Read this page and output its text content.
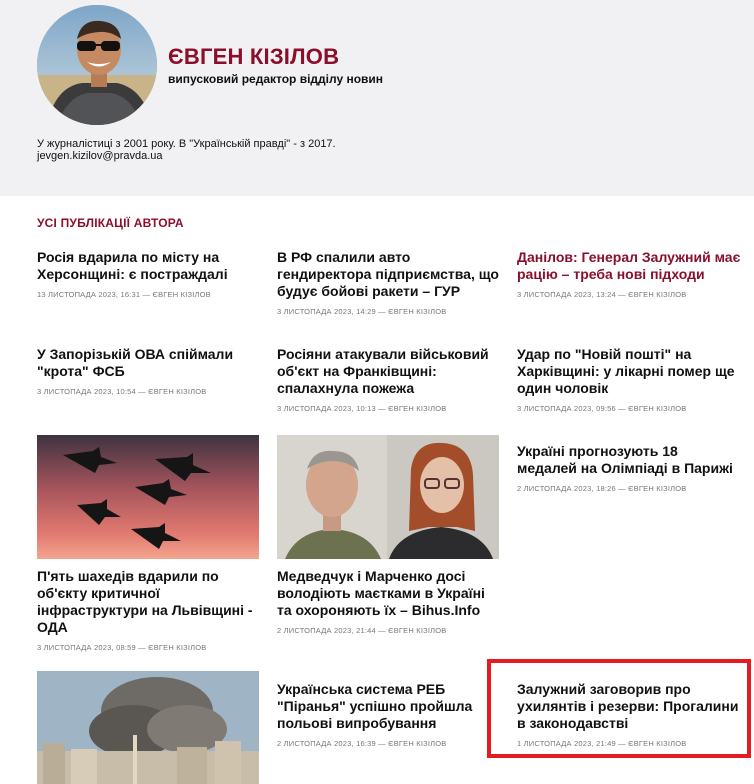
ЄВГЕН КІЗІЛОВ
випусковий редактор відділу новин
У журналістиці з 2001 року. В "Українській правді" - з 2017.
jevgen.kizilov@pravda.ua
УСІ ПУБЛІКАЦІЇ АВТОРА
Росія вдарила по місту на Херсонщині: є постраждалі
13 ЛИСТОПАДА 2023, 16:31 — ЄВГЕН КІЗІЛОВ
В РФ спалили авто гендиректора підприємства, що будує бойові ракети – ГУР
3 ЛИСТОПАДА 2023, 14:29 — ЄВГЕН КІЗІЛОВ
Данілов: Генерал Залужний має рацію – треба нові підходи
3 ЛИСТОПАДА 2023, 13:24 — ЄВГЕН КІЗІЛОВ
У Запорізькій ОВА спіймали "крота" ФСБ
3 ЛИСТОПАДА 2023, 10:54 — ЄВГЕН КІЗІЛОВ
Росіяни атакували військовий об'єкт на Франківщині: спалахнула пожежа
3 ЛИСТОПАДА 2023, 10:13 — ЄВГЕН КІЗІЛОВ
Удар по "Новій пошті" на Харківщині: у лікарні помер ще один чоловік
3 ЛИСТОПАДА 2023, 09:56 — ЄВГЕН КІЗІЛОВ
П'ять шахедів вдарили по об'єкту критичної інфраструктури на Львівщині - ОДА
3 ЛИСТОПАДА 2023, 08:59 — ЄВГЕН КІЗІЛОВ
Медведчук і Марченко досі володіють маєтками в Україні та охороняють їх – Bihus.Info
2 ЛИСТОПАДА 2023, 21:44 — ЄВГЕН КІЗІЛОВ
Україні прогнозують 18 медалей на Олімпіаді в Парижі
2 ЛИСТОПАДА 2023, 18:26 — ЄВГЕН КІЗІЛОВ
Українська система РЕБ "Піранья" успішно пройшла польові випробування
2 ЛИСТОПАДА 2023, 16:39 — ЄВГЕН КІЗІЛОВ
Залужний заговорив про ухилянтів і резерви: Прогалини в законодавстві
1 ЛИСТОПАДА 2023, 21:49 — ЄВГЕН КІЗІЛОВ
